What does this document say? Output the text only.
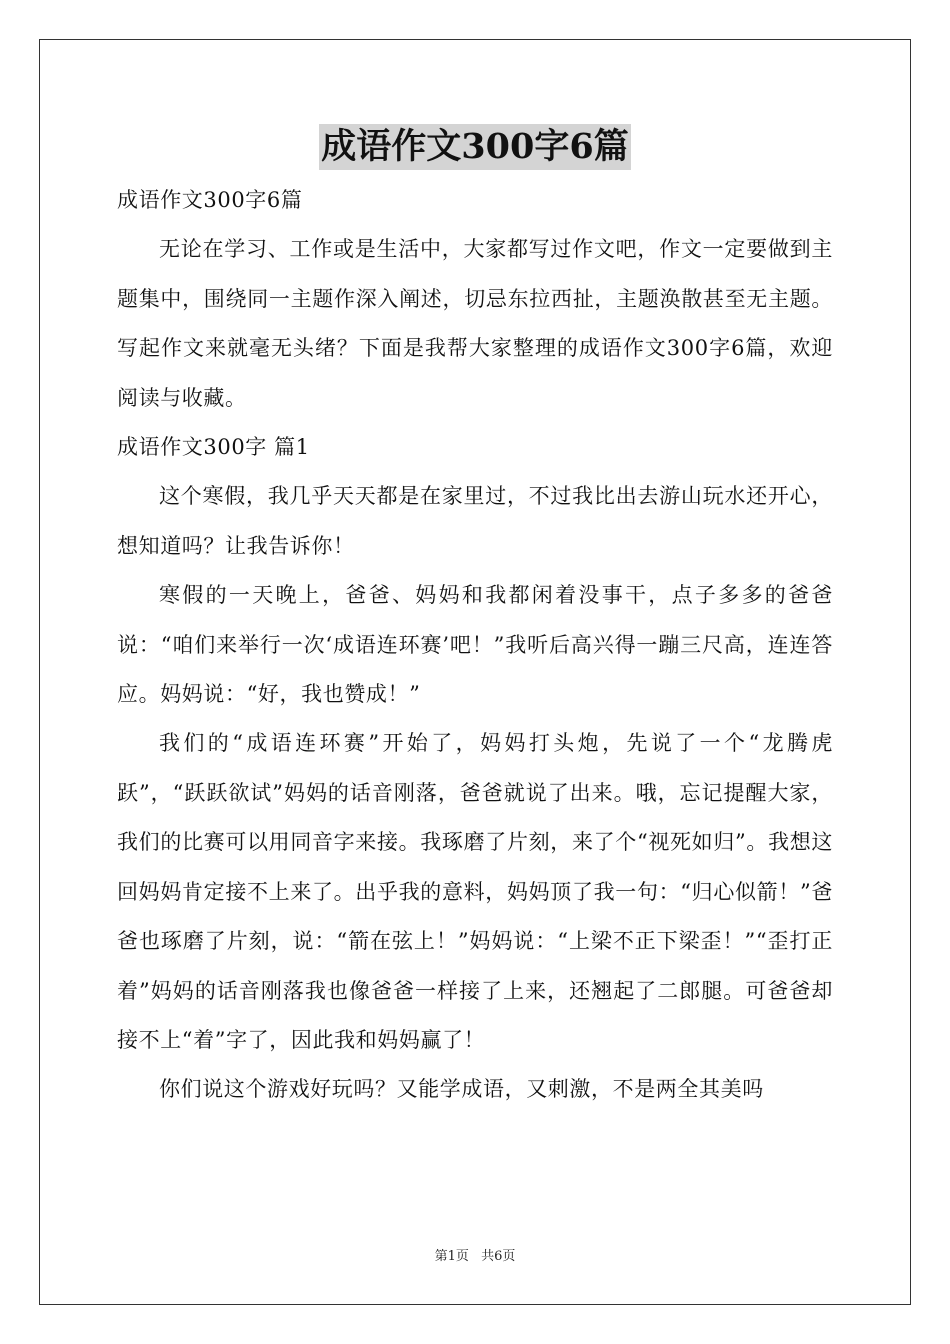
成语作文300字6篇
成语作文300字6篇

无论在学习、工作或是生活中，大家都写过作文吧，作文一定要做到主题集中，围绕同一主题作深入阐述，切忌东拉西扯，主题涣散甚至无主题。写起作文来就毫无头绪？下面是我帮大家整理的成语作文300字6篇，欢迎阅读与收藏。

成语作文300字 篇1

这个寒假，我几乎天天都是在家里过，不过我比出去游山玩水还开心，想知道吗？让我告诉你！

寒假的一天晚上，爸爸、妈妈和我都闲着没事干，点子多多的爸爸说：“咱们来举行一次‘成语连环赛’吧！”我听后高兴得一蹦三尺高，连连答应。妈妈说：“好，我也赞成！”

我们的“成语连环赛”开始了，妈妈打头炮，先说了一个“龙腾虎跃”，“跃跃欲试”妈妈的话音刚落，爸爸就说了出来。哦，忘记提醒大家，我们的比赛可以用同音字来接。我琢磨了片刻，来了个“视死如归”。我想这回妈妈肯定接不上来了。出乎我的意料，妈妈顶了我一句：“归心似箭！”爸爸也琢磨了片刻，说：“箭在弦上！”妈妈说：“上梁不正下梁歪！”“歪打正着”妈妈的话音刚落我也像爸爸一样接了上来，还翘起了二郎腿。可爸爸却接不上“着”字了，因此我和妈妈赢了！

你们说这个游戏好玩吗？又能学成语，又刺激，不是两全其美吗

第1页 共6页
